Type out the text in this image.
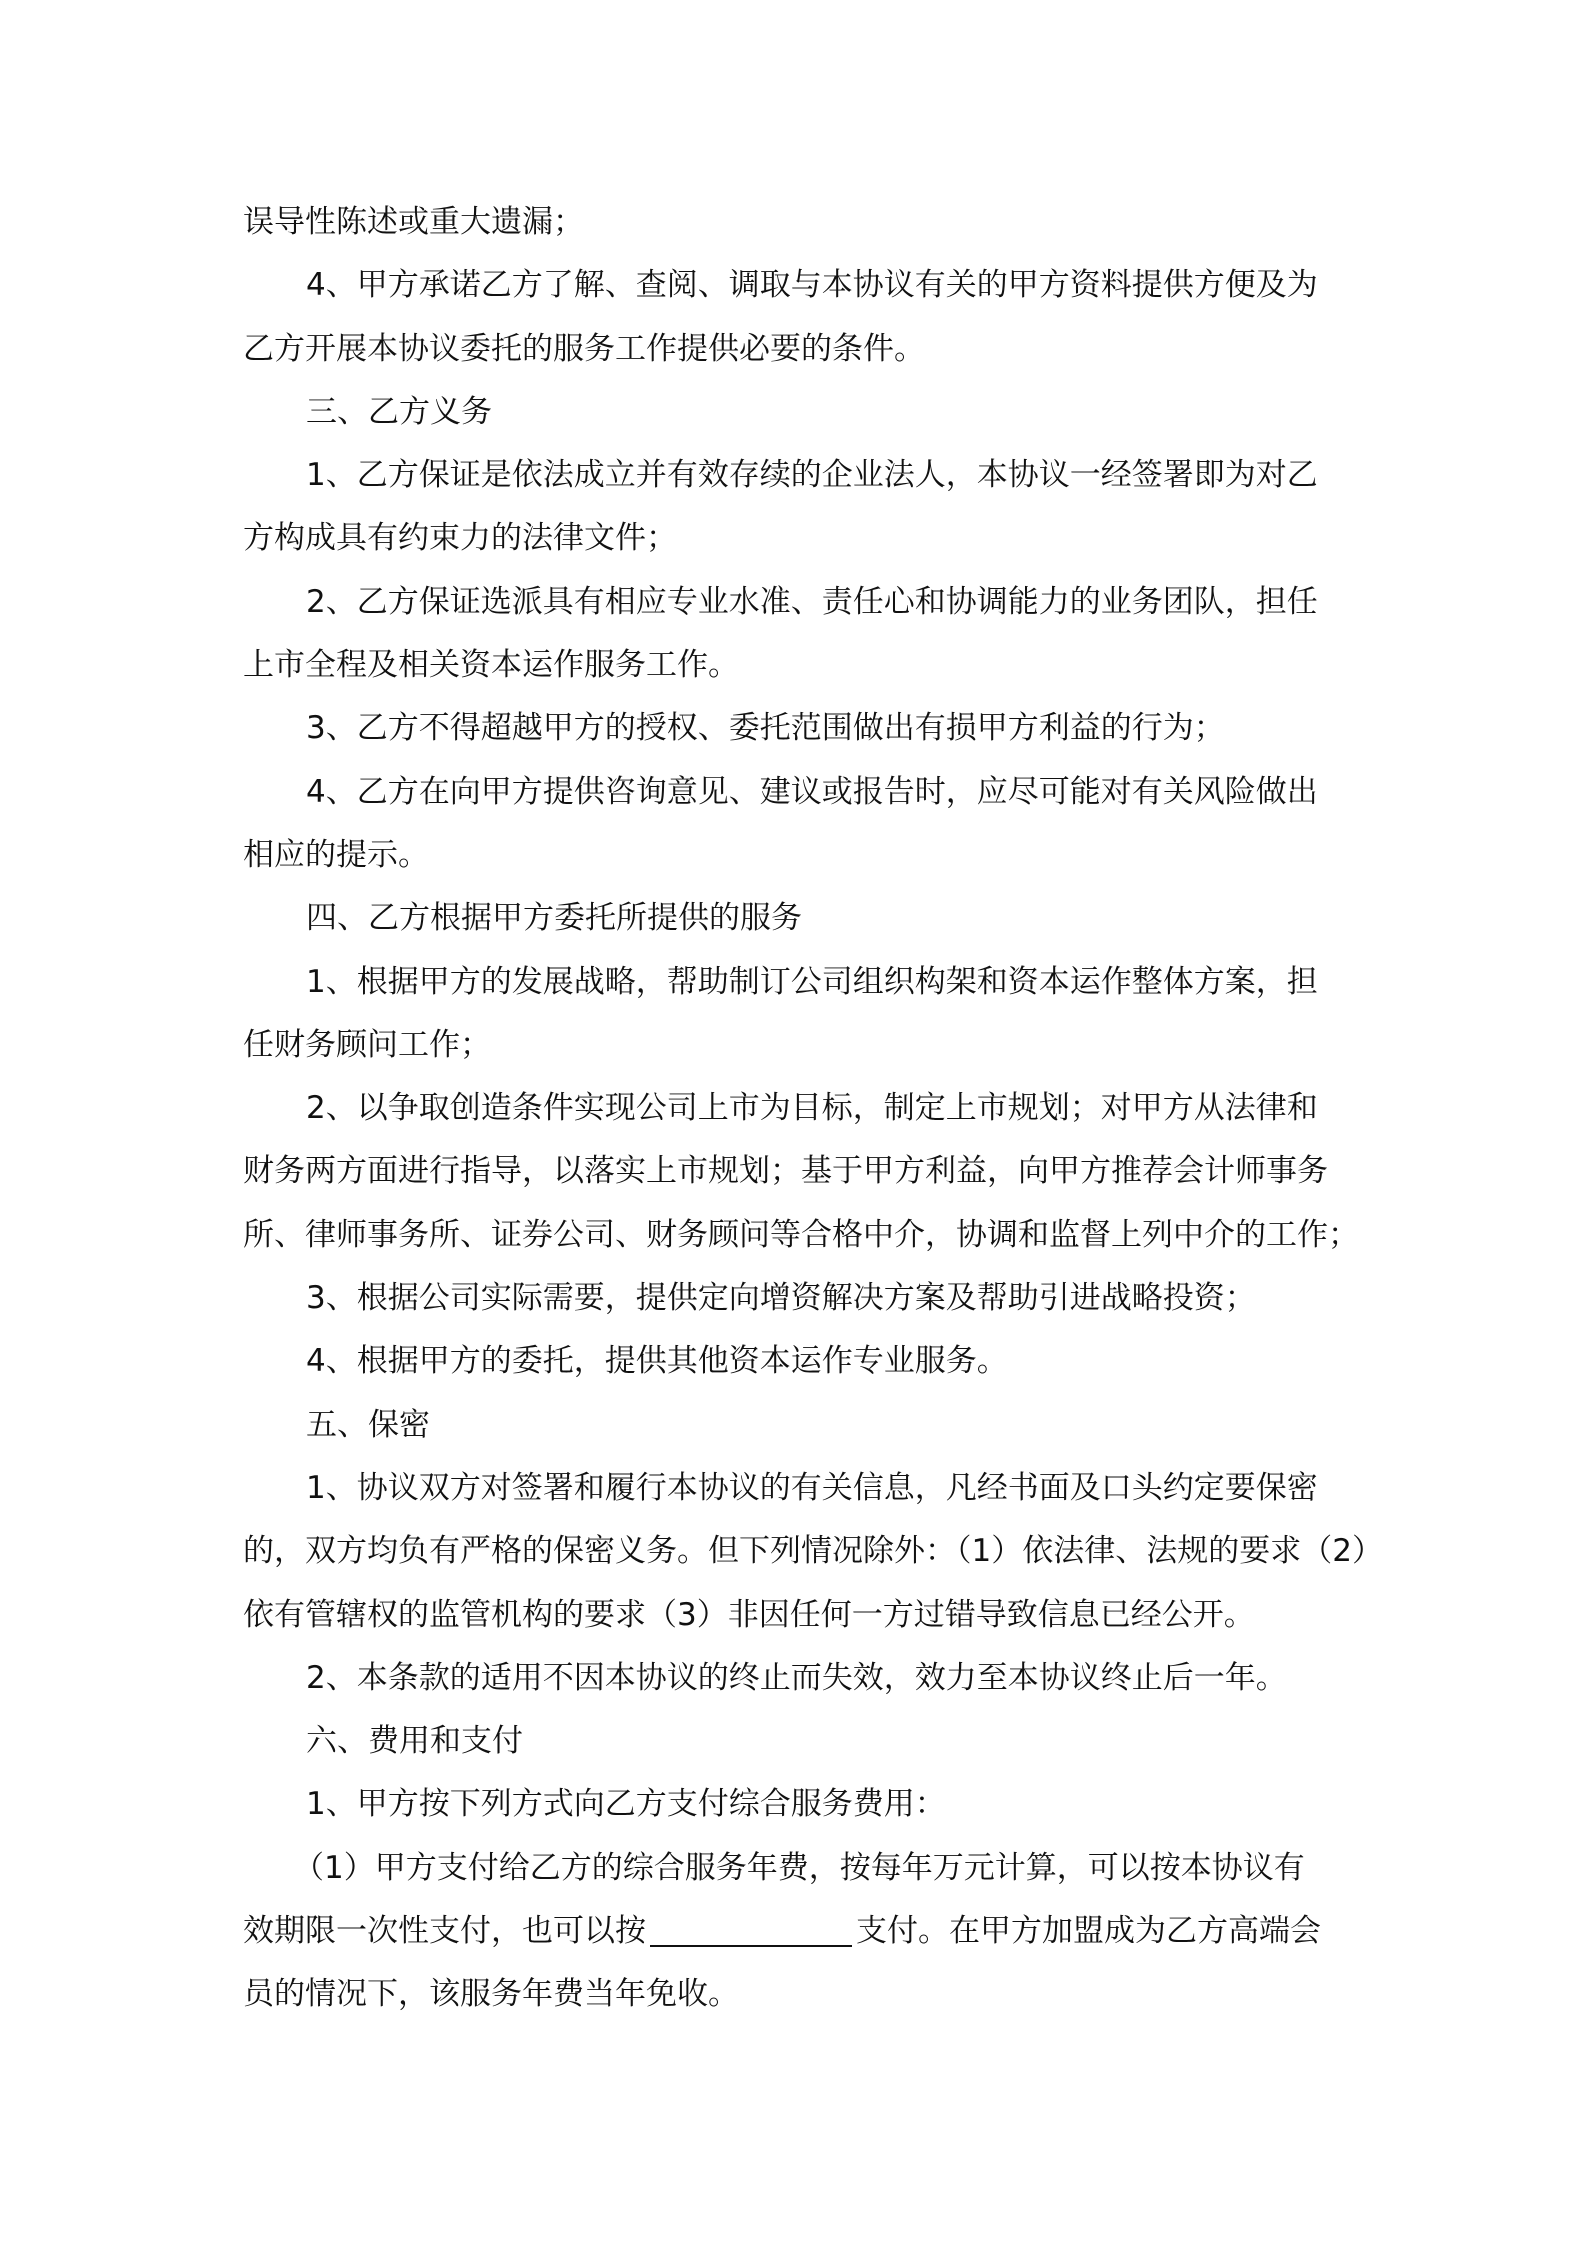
误导性陈述或重大遗漏；
4、甲方承诺乙方了解、查阅、调取与本协议有关的甲方资料提供方便及为
乙方开展本协议委托的服务工作提供必要的条件。
三、乙方义务
1、乙方保证是依法成立并有效存续的企业法人，本协议一经签署即为对乙
方构成具有约束力的法律文件；
2、乙方保证选派具有相应专业水准、责任心和协调能力的业务团队，担任
上市全程及相关资本运作服务工作。
3、乙方不得超越甲方的授权、委托范围做出有损甲方利益的行为；
4、乙方在向甲方提供咨询意见、建议或报告时，应尽可能对有关风险做出
相应的提示。
四、乙方根据甲方委托所提供的服务
1、根据甲方的发展战略，帮助制订公司组织构架和资本运作整体方案，担
任财务顾问工作；
2、以争取创造条件实现公司上市为目标，制定上市规划；对甲方从法律和
财务两方面进行指导，以落实上市规划；基于甲方利益，向甲方推荐会计师事务
所、律师事务所、证券公司、财务顾问等合格中介，协调和监督上列中介的工作；
3、根据公司实际需要，提供定向增资解决方案及帮助引进战略投资；
4、根据甲方的委托，提供其他资本运作专业服务。
五、保密
1、协议双方对签署和履行本协议的有关信息，凡经书面及口头约定要保密
的，双方均负有严格的保密义务。但下列情况除外：（1）依法律、法规的要求（2）
依有管辖权的监管机构的要求（3）非因任何一方过错导致信息已经公开。
2、本条款的适用不因本协议的终止而失效，效力至本协议终止后一年。
六、费用和支付
1、甲方按下列方式向乙方支付综合服务费用：
（1）甲方支付给乙方的综合服务年费，按每年万元计算，可以按本协议有
效期限一次性支付，也可以按	支付。在甲方加盟成为乙方高端会
员的情况下，该服务年费当年免收。
